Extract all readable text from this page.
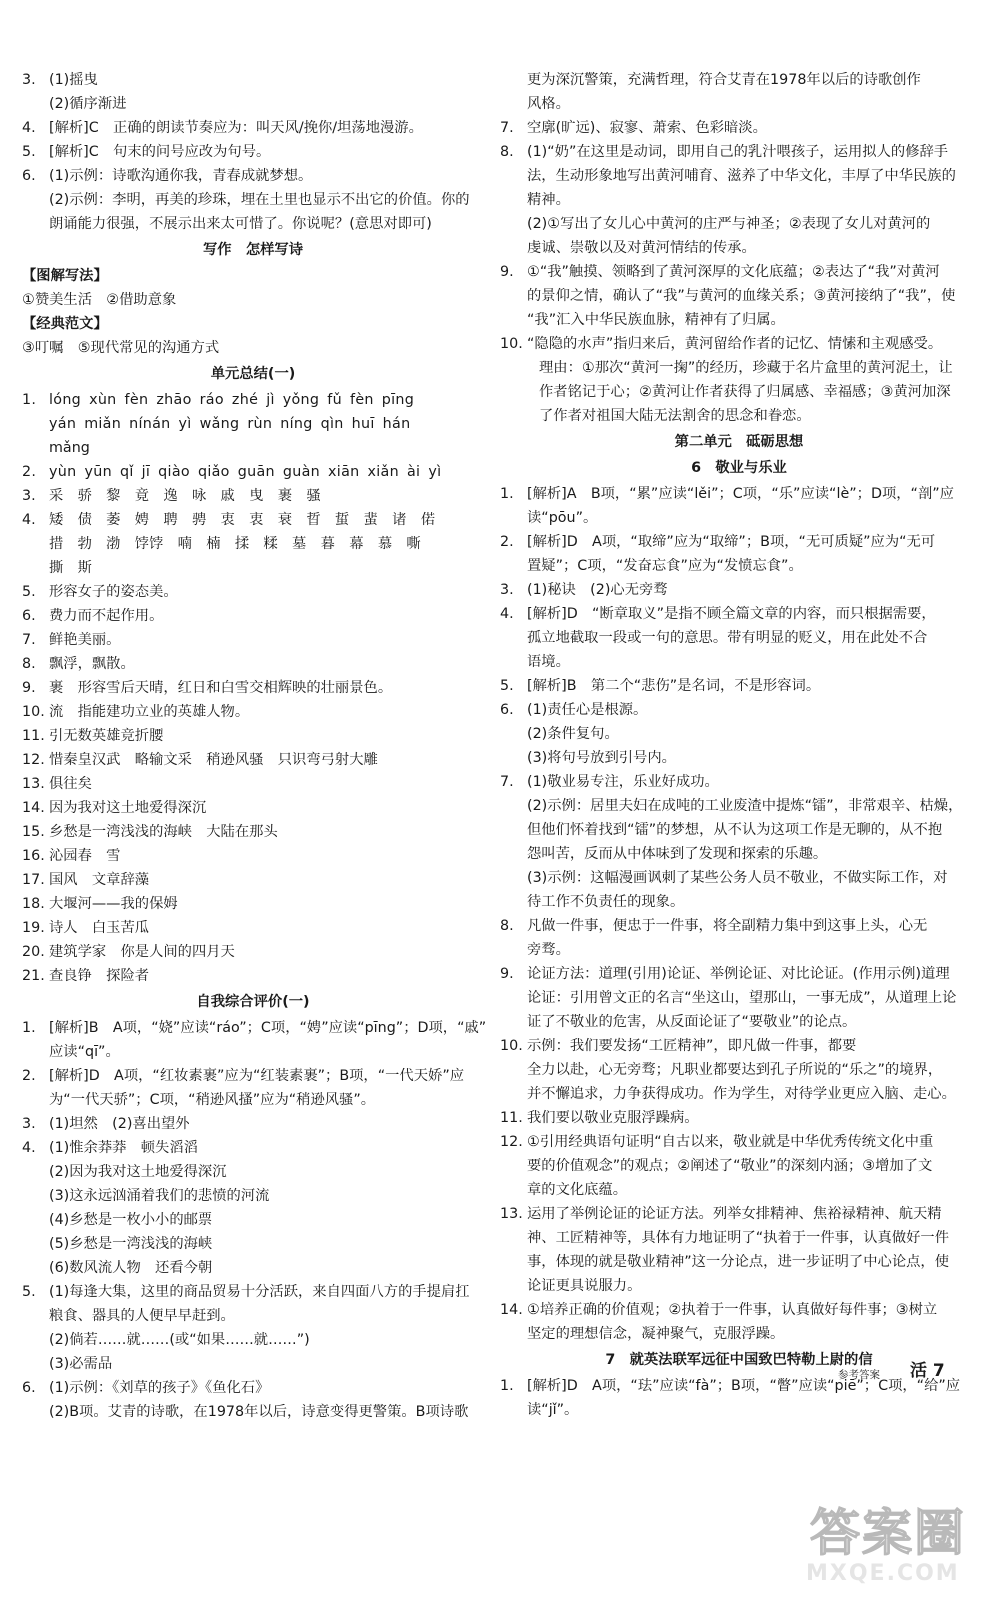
3. (1)摇曳
(2)循序渐进
4. [解析]C　正确的朗读节奏应为：叫天风/挽你/坦荡地漫游。
5. [解析]C　句末的问号应改为句号。
6. (1)示例：诗歌沟通你我，青春成就梦想。
(2)示例：李明，再美的珍珠，埋在土里也显示不出它的价值。你的
朗诵能力很强，不展示出来太可惜了。你说呢？(意思对即可)
写作　怎样写诗
【图解写法】
①赞美生活　②借助意象
【经典范文】
③叮嘱　⑤现代常见的沟通方式
单元总结(一)
1. lóng xùn fèn zhāo ráo zhé jì yǒng fǔ fèn pīng
yán miǎn nínán yì wǎng rùn níng qìn huī hán
mǎng
2. yùn yūn qǐ jī qiào qiǎo guān guàn xiān xiǎn ài yì
3. 采　骄　黎　竟　逸　咏　戚　曳　裹　骚
4. 矮　债　萎　娉　聘　骋　衷　衷　衰　晢　蜇　蜚　诸　偌
措　勃　渤　饽饽　喃　楠　揉　糅　墓　暮　幕　慕　嘶
撕　斯
5. 形容女子的姿态美。
6. 费力而不起作用。
7. 鲜艳美丽。
8. 飘浮，飘散。
9. 裹　形容雪后天晴，红日和白雪交相辉映的壮丽景色。
10. 流　指能建功立业的英雄人物。
11. 引无数英雄竞折腰
12. 惜秦皇汉武　略输文采　稍逊风骚　只识弯弓射大雕
13. 俱往矣
14. 因为我对这土地爱得深沉
15. 乡愁是一湾浅浅的海峡　大陆在那头
16. 沁园春　雪
17. 国风　文章辞藻
18. 大堰河——我的保姆
19. 诗人　白玉苦瓜
20. 建筑学家　你是人间的四月天
21. 查良铮　探险者
自我综合评价(一)
1. [解析]B　A项，“娆”应读“ráo”；C项，“娉”应读“pīng”；D项，“戚”
应读“qī”。
2. [解析]D　A项，“红妆素裹”应为“红装素裹”；B项，“一代天娇”应
为“一代天骄”；C项，“稍逊风搔”应为“稍逊风骚”。
3. (1)坦然　(2)喜出望外
4. (1)惟余莽莽　顿失滔滔
(2)因为我对这土地爱得深沉
(3)这永远汹涌着我们的悲愤的河流
(4)乡愁是一枚小小的邮票
(5)乡愁是一湾浅浅的海峡
(6)数风流人物　还看今朝
5. (1)每逢大集，这里的商品贸易十分活跃，来自四面八方的手提肩扛
粮食、器具的人便早早赶到。
(2)倘若……就……(或“如果……就……”)
(3)必需品
6. (1)示例：《刘草的孩子》《鱼化石》
(2)B项。艾青的诗歌，在1978年以后，诗意变得更警策。B项诗歌
更为深沉警策，充满哲理，符合艾青在1978年以后的诗歌创作
风格。
7. 空廓(旷远)、寂寥、萧索、色彩暗淡。
8. (1)“奶”在这里是动词，即用自己的乳汁喂孩子，运用拟人的修辞手
法，生动形象地写出黄河哺育、滋养了中华文化，丰厚了中华民族的
精神。
(2)①写出了女儿心中黄河的庄严与神圣；②表现了女儿对黄河的
虔诚、崇敬以及对黄河情结的传承。
9. ①“我”触摸、领略到了黄河深厚的文化底蕴；②表达了“我”对黄河
的景仰之情，确认了“我”与黄河的血缘关系；③黄河接纳了“我”，使
“我”汇入中华民族血脉，精神有了归属。
10. “隐隐的水声”指归来后，黄河留给作者的记忆、情愫和主观感受。
理由：①那次“黄河一掬”的经历，珍藏于名片盒里的黄河泥土，让
作者铭记于心；②黄河让作者获得了归属感、幸福感；③黄河加深
了作者对祖国大陆无法割舍的思念和眷恋。
第二单元　砥砺思想
6　敬业与乐业
1. [解析]A　B项，“累”应读“lěi”；C项，“乐”应读“lè”；D项，“剖”应
读“pōu”。
2. [解析]D　A项，“取缔”应为“取缔”；B项，“无可质疑”应为“无可
置疑”；C项，“发奋忘食”应为“发愤忘食”。
3. (1)秘诀　(2)心无旁骛
4. [解析]D　“断章取义”是指不顾全篇文章的内容，而只根据需要，
孤立地截取一段或一句的意思。带有明显的贬义，用在此处不合
语境。
5. [解析]B　第二个“悲伤”是名词，不是形容词。
6. (1)责任心是根源。
(2)条件复句。
(3)将句号放到引号内。
7. (1)敬业易专注，乐业好成功。
(2)示例：居里夫妇在成吨的工业废渣中提炼“镭”，非常艰辛、枯燥，
但他们怀着找到“镭”的梦想，从不认为这项工作是无聊的，从不抱
怨叫苦，反而从中体味到了发现和探索的乐趣。
(3)示例：这幅漫画讽刺了某些公务人员不敬业，不做实际工作，对
待工作不负责任的现象。
8. 凡做一件事，便忠于一件事，将全副精力集中到这事上头，心无
旁骛。
9. 论证方法：道理(引用)论证、举例论证、对比论证。(作用示例)道理
论证：引用曾文正的名言“坐这山，望那山，一事无成”，从道理上论
证了不敬业的危害，从反面论证了“要敬业”的论点。
10. 示例：我们要发扬“工匠精神”，即凡做一件事，都要
全力以赴，心无旁骛；凡职业都要达到孔子所说的“乐之”的境界，
并不懈追求，力争获得成功。作为学生，对待学业更应入脑、走心。
11. 我们要以敬业克服浮躁病。
12. ①引用经典语句证明“自古以来，敬业就是中华优秀传统文化中重
要的价值观念”的观点；②阐述了“敬业”的深刻内涵；③增加了文
章的文化底蕴。
13. 运用了举例论证的论证方法。列举女排精神、焦裕禄精神、航天精
神、工匠精神等，具体有力地证明了“执着于一件事，认真做好一件
事，体现的就是敬业精神”这一分论点，进一步证明了中心论点，使
论证更具说服力。
14. ①培养正确的价值观；②执着于一件事，认真做好每件事；③树立
坚定的理想信念，凝神聚气，克服浮躁。
7　就英法联军远征中国致巴特勒上尉的信
1. [解析]D　A项，“珐”应读“fà”；B项，“瞥”应读“piē”；C项，“给”应
读“jǐ”。
参考答案 活 7
答案圈
MXQE.COM
